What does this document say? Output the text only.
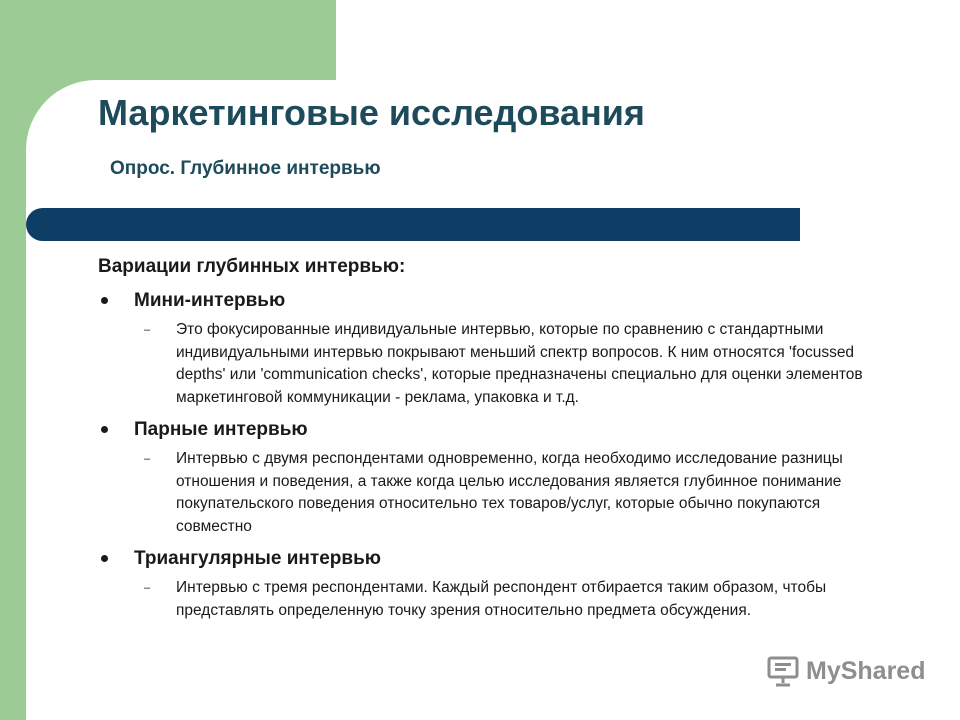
Маркетинговые исследования
Опрос. Глубинное интервью
Вариации глубинных интервью:
Мини-интервью
– Это фокусированные индивидуальные интервью, которые по сравнению с стандартными индивидуальными интервью покрывают меньший спектр вопросов. К ним относятся 'focussed depths' или 'communication checks', которые предназначены специально для оценки элементов маркетинговой коммуникации - реклама, упаковка и т.д.
Парные интервью
– Интервью с двумя респондентами одновременно, когда необходимо исследование разницы отношения и поведения, а также когда целью исследования является глубинное понимание покупательского поведения относительно тех товаров/услуг, которые обычно покупаются совместно
Триангулярные интервью
– Интервью с тремя респондентами. Каждый респондент отбирается таким образом, чтобы представлять определенную точку зрения относительно предмета обсуждения.
MyShared
